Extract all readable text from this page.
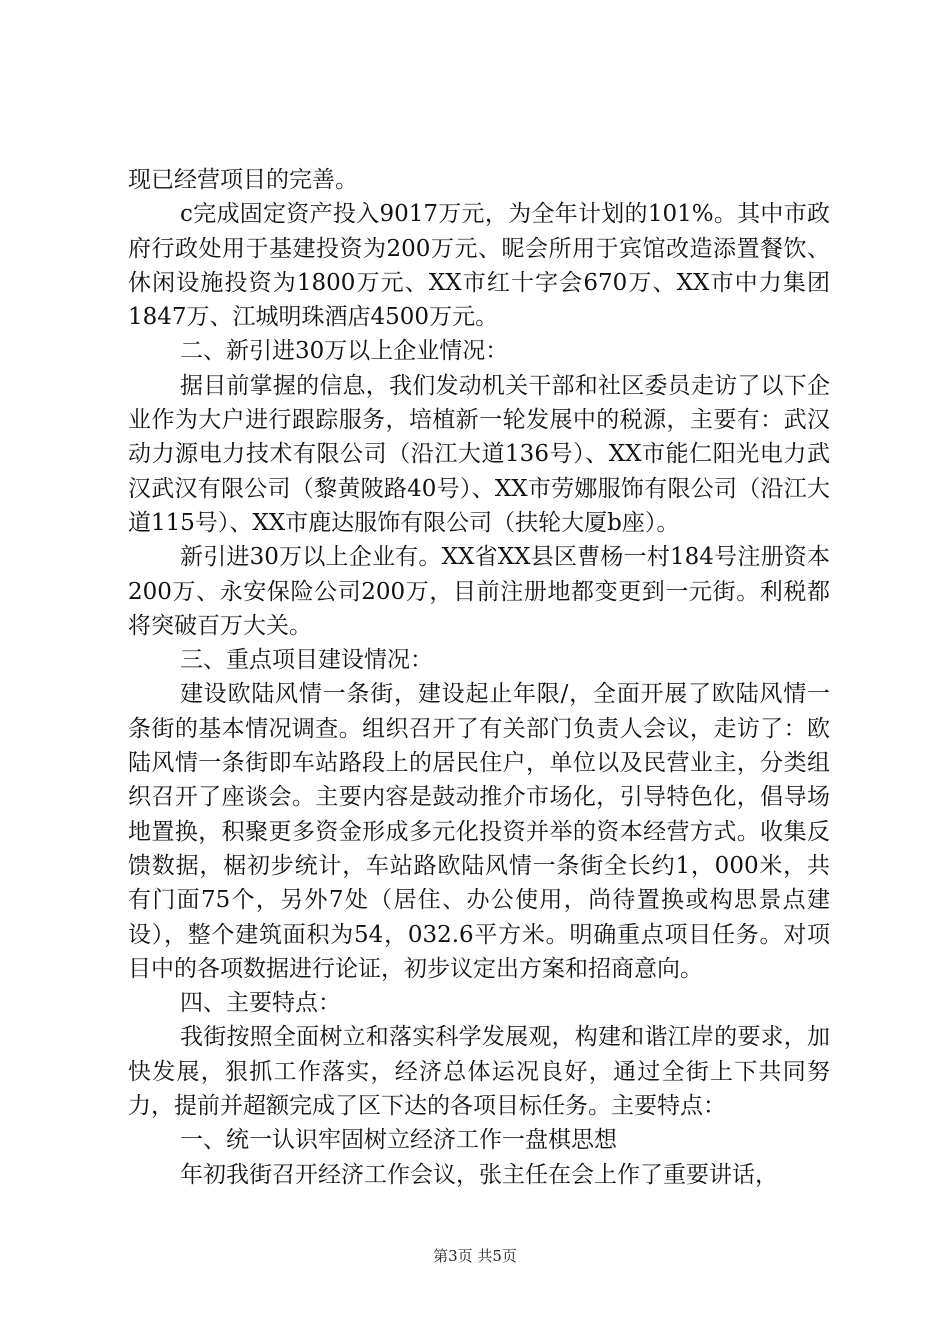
现已经营项目的完善。

c完成固定资产投入9017万元，为全年计划的101%。其中市政府行政处用于基建投资为200万元、昵会所用于宾馆改造添置餐饮、休闲设施投资为1800万元、XX市红十字会670万、XX市中力集团1847万、江城明珠酒店4500万元。

二、新引进30万以上企业情况：

据目前掌握的信息，我们发动机关干部和社区委员走访了以下企业作为大户进行跟踪服务，培植新一轮发展中的税源，主要有：武汉动力源电力技术有限公司（沿江大道136号）、XX市能仁阳光电力武汉武汉有限公司（黎黄陂路40号）、XX市劳娜服饰有限公司（沿江大道115号）、XX市鹿达服饰有限公司（扶轮大厦b座）。

新引进30万以上企业有。XX省XX县区曹杨一村184号注册资本200万、永安保险公司200万，目前注册地都变更到一元街。利税都将突破百万大关。

三、重点项目建设情况：

建设欧陆风情一条街，建设起止年限/，全面开展了欧陆风情一条街的基本情况调查。组织召开了有关部门负责人会议，走访了：欧陆风情一条街即车站路段上的居民住户，单位以及民营业主，分类组织召开了座谈会。主要内容是鼓动推介市场化，引导特色化，倡导场地置换，积聚更多资金形成多元化投资并举的资本经营方式。收集反馈数据，椐初步统计，车站路欧陆风情一条街全长约1，000米，共有门面75个，另外7处（居住、办公使用，尚待置换或构思景点建设），整个建筑面积为54，032.6平方米。明确重点项目任务。对项目中的各项数据进行论证，初步议定出方案和招商意向。

四、主要特点：

我街按照全面树立和落实科学发展观，构建和谐江岸的要求，加快发展，狠抓工作落实，经济总体运况良好，通过全街上下共同努力，提前并超额完成了区下达的各项目标任务。主要特点：

一、统一认识牢固树立经济工作一盘棋思想

年初我街召开经济工作会议，张主任在会上作了重要讲话，

第3页 共5页
